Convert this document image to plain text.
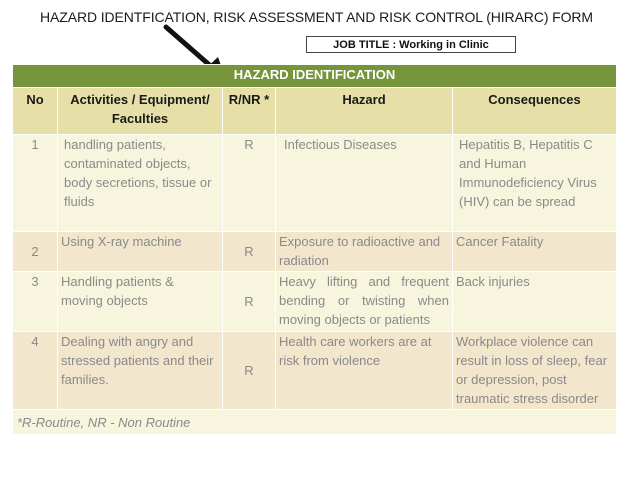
HAZARD IDENTFICATION, RISK ASSESSMENT AND RISK CONTROL (HIRARC) FORM
JOB TITLE : Working in Clinic
HAZARD IDENTIFICATION				
No	Activities / Equipment/ Faculties	R/NR *	Hazard	Consequences
1	handling patients, contaminated objects, body secretions, tissue or fluids	R	Infectious Diseases	Hepatitis B, Hepatitis C and Human Immunodeficiency Virus (HIV) can be spread
2	Using X-ray machine	R	Exposure to radioactive and radiation	Cancer Fatality
3	Handling patients & moving objects	R	Heavy lifting and frequent bending or twisting when moving objects or patients	Back injuries
4	Dealing with angry and stressed patients and their families.	R	Health care workers are at risk from violence	Workplace violence can result in loss of sleep, fear or depression, post traumatic stress disorder
*R-Routine, NR - Non Routine				
